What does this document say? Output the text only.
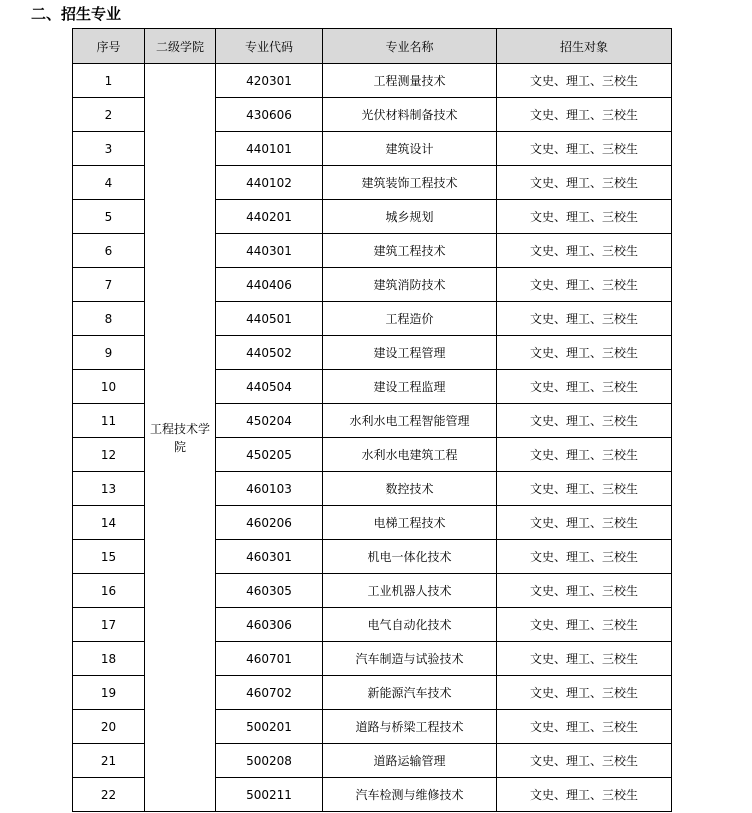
二、招生专业
序号	二级学院	专业代码	专业名称	招生对象
1	工程技术学院	420301	工程测量技术	文史、理工、三校生
2		430606	光伏材料制备技术	文史、理工、三校生
3		440101	建筑设计	文史、理工、三校生
4		440102	建筑装饰工程技术	文史、理工、三校生
5		440201	城乡规划	文史、理工、三校生
6		440301	建筑工程技术	文史、理工、三校生
7		440406	建筑消防技术	文史、理工、三校生
8		440501	工程造价	文史、理工、三校生
9		440502	建设工程管理	文史、理工、三校生
10		440504	建设工程监理	文史、理工、三校生
11		450204	水利水电工程智能管理	文史、理工、三校生
12		450205	水利水电建筑工程	文史、理工、三校生
13		460103	数控技术	文史、理工、三校生
14		460206	电梯工程技术	文史、理工、三校生
15		460301	机电一体化技术	文史、理工、三校生
16		460305	工业机器人技术	文史、理工、三校生
17		460306	电气自动化技术	文史、理工、三校生
18		460701	汽车制造与试验技术	文史、理工、三校生
19		460702	新能源汽车技术	文史、理工、三校生
20		500201	道路与桥梁工程技术	文史、理工、三校生
21		500208	道路运输管理	文史、理工、三校生
22		500211	汽车检测与维修技术	文史、理工、三校生
